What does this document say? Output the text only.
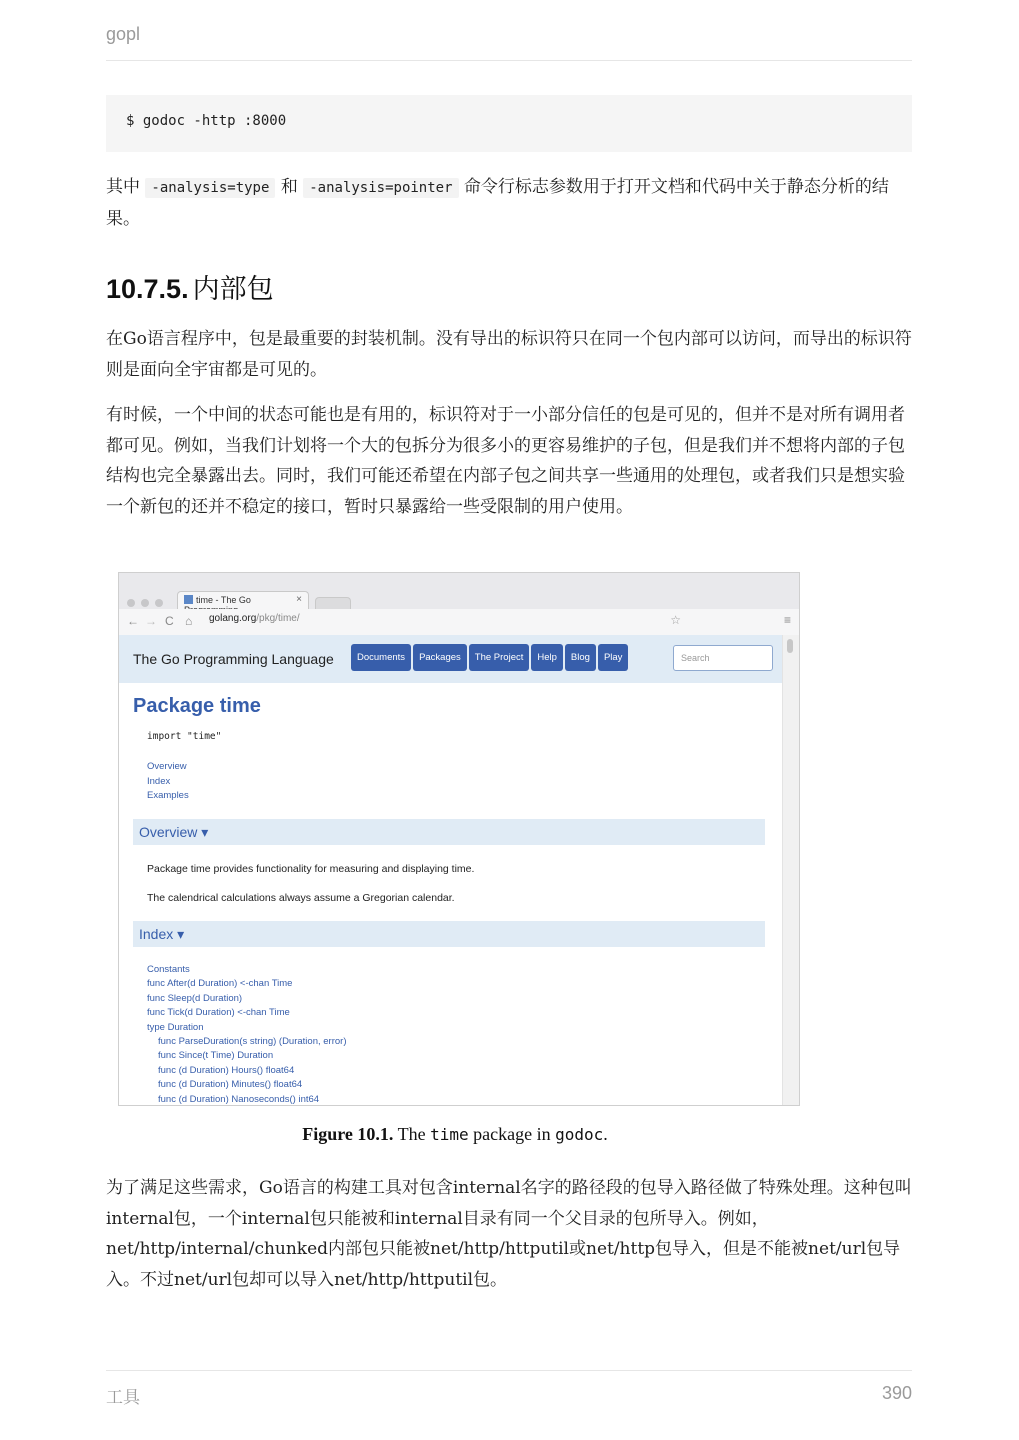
gopl
$ godoc -http :8000
其中 -analysis=type 和 -analysis=pointer 命令行标志参数用于打开文档和代码中关于静态分析的结果。
10.7.5. 内部包
在Go语言程序中，包是最重要的封装机制。没有导出的标识符只在同一个包内部可以访问，而导出的标识符则是面向全宇宙都是可见的。
有时候，一个中间的状态可能也是有用的，标识符对于一小部分信任的包是可见的，但并不是对所有调用者都可见。例如，当我们计划将一个大的包拆分为很多小的更容易维护的子包，但是我们并不想将内部的子包结构也完全暴露出去。同时，我们可能还希望在内部子包之间共享一些通用的处理包，或者我们只是想实验一个新包的还并不稳定的接口，暂时只暴露给一些受限制的用户使用。
time - The Go	×
← → C ⌂ golang.org/pkg/time/	☆	≡
The Go Programming Language	Documents Packages The Project Help Blog Play	Search
Package time
import "time"
Overview
Index
Examples
Overview ▾
Package time provides functionality for measuring and displaying time.
The calendrical calculations always assume a Gregorian calendar.
Index ▾
Constants
func After(d Duration) <-chan Time
func Sleep(d Duration)
func Tick(d Duration) <-chan Time
type Duration
func ParseDuration(s string) (Duration, error)
func Since(t Time) Duration
func (d Duration) Hours() float64
func (d Duration) Minutes() float64
func (d Duration) Nanoseconds() int64
Figure 10.1. The time package in godoc.
为了满足这些需求，Go语言的构建工具对包含internal名字的路径段的包导入路径做了特殊处理。这种包叫internal包，一个internal包只能被和internal目录有同一个父目录的包所导入。例如，net/http/internal/chunked内部包只能被net/http/httputil或net/http包导入，但是不能被net/url包导入。不过net/url包却可以导入net/http/httputil包。
工具	390
